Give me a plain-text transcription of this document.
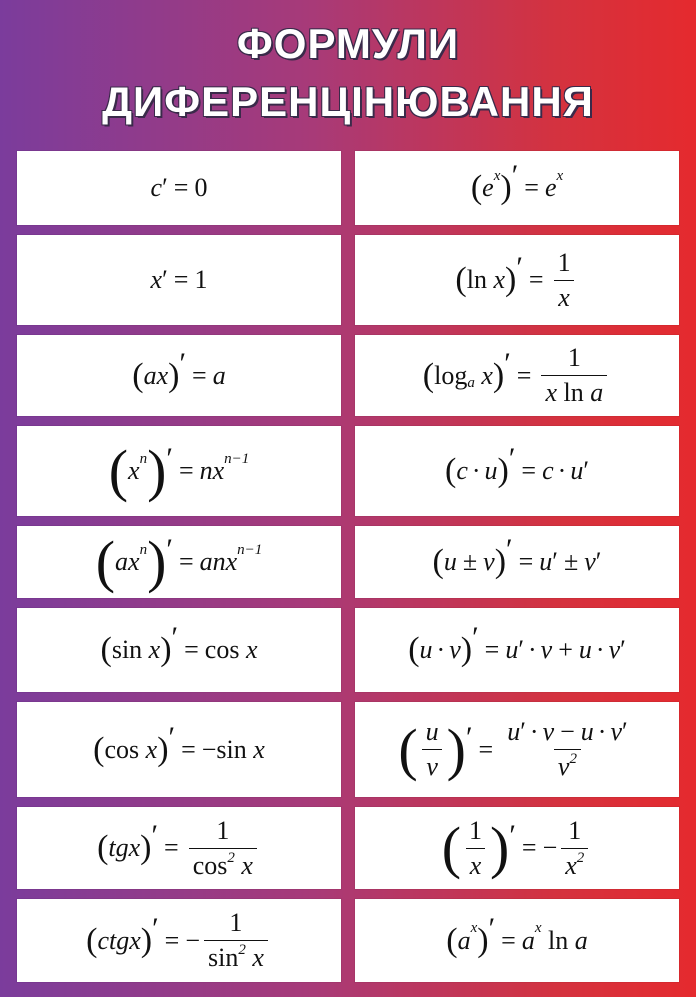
ФОРМУЛИ
ДИФЕРЕНЦІНЮВАННЯ
c ′ = 0
x ′ = 1
( ax ) ′ = a
( x n ) ′ = nx n−1
( ax n ) ′ = anx n−1
( sin x ) ′ = cos x
( cos x ) ′ = −sin x
( tgx ) ′ = $\frac{1}{\cos^2 x}$
( ctgx ) ′ = − $\frac{1}{\sin^2 x}$
( e x ) ′ = e x
( ln x ) ′ = $\frac{1}{x}$
( log a x ) ′ = $\frac{1}{\text{x ln a}}$
( c · u ) ′ = c · u ′
( u ± v ) ′ = u ′ ± v ′
( u · v ) ′ = u ′ · v + u · v ′
( $\frac{u}{v}$ ) ′ = $\frac{u' \cdot v - u \cdot v'}{v^2}$
( $\frac{1}{x}$ ) ′ = − $\frac{1}{x^2}$
( a x ) ′ = a x
ln a
